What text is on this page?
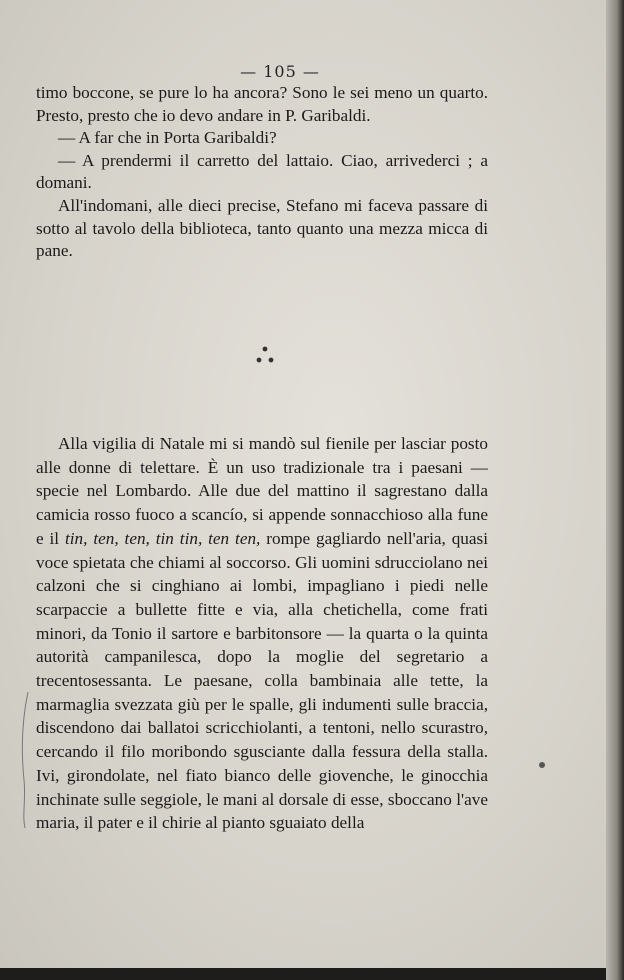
— 105 —

timo boccone, se pure lo ha ancora? Sono le sei meno un quarto. Presto, presto che io devo andare in P. Garibaldi.

— A far che in Porta Garibaldi?

— A prendermi il carretto del lattaio. Ciao, arrivederci ; a domani.

All'indomani, alle dieci precise, Stefano mi faceva passare di sotto al tavolo della biblioteca, tanto quanto una mezza micca di pane.

Alla vigilia di Natale mi si mandò sul fienile per lasciar posto alle donne di telettare. È un uso tradizionale tra i paesani — specie nel Lombardo. Alle due del mattino il sagrestano dalla camicia rosso fuoco a scancío, si appende sonnacchioso alla fune e il tin, ten, ten, tin tin, ten ten, rompe gagliardo nell'aria, quasi voce spietata che chiami al soccorso. Gli uomini sdrucciolano nei calzoni che si cinghiano ai lombi, impagliano i piedi nelle scarpaccie a bullette fitte e via, alla chetichella, come frati minori, da Tonio il sartore e barbitonsore — la quarta o la quinta autorità campanilesca, dopo la moglie del segretario a trecentosessanta. Le paesane, colla bambinaia alle tette, la marmaglia svezzata giù per le spalle, gli indumenti sulle braccia, discendono dai ballatoi scricchiolanti, a tentoni, nello scurastro, cercando il filo moribondo sgusciante dalla fessura della stalla. Ivi, girondolate, nel fiato bianco delle giovenche, le ginocchia inchinate sulle seggiole, le mani al dorsale di esse, sboccano l'ave maria, il pater e il chirie al pianto sguaiato della
